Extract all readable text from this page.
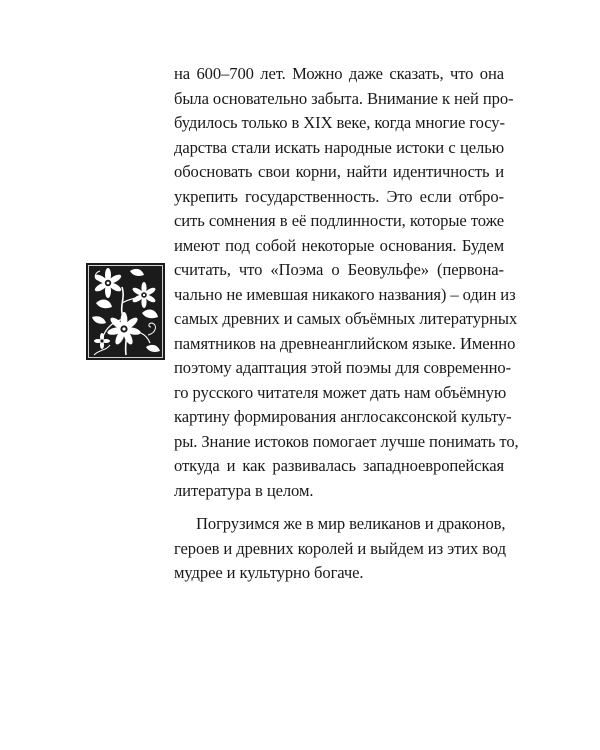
на 600–700 лет. Можно даже сказать, что она
была основательно забыта. Внимание к ней про-
будилось только в XIX веке, когда многие госу-
дарства стали искать народные истоки с целью
обосновать свои корни, найти идентичность и
укрепить государственность. Это если отбро-
сить сомнения в её подлинности, которые тоже
имеют под собой некоторые основания. Будем
считать, что «Поэма о Беовульфе» (первона-
чально не имевшая никакого названия) – один из
самых древних и самых объёмных литературных
памятников на древнеанглийском языке. Именно
поэтому адаптация этой поэмы для современно-
го русского читателя может дать нам объёмную
картину формирования англосаксонской культу-
ры. Знание истоков помогает лучше понимать то,
откуда и как развивалась западноевропейская
литература в целом.
Погрузимся же в мир великанов и драконов,
героев и древних королей и выйдем из этих вод
мудрее и культурно богаче.
